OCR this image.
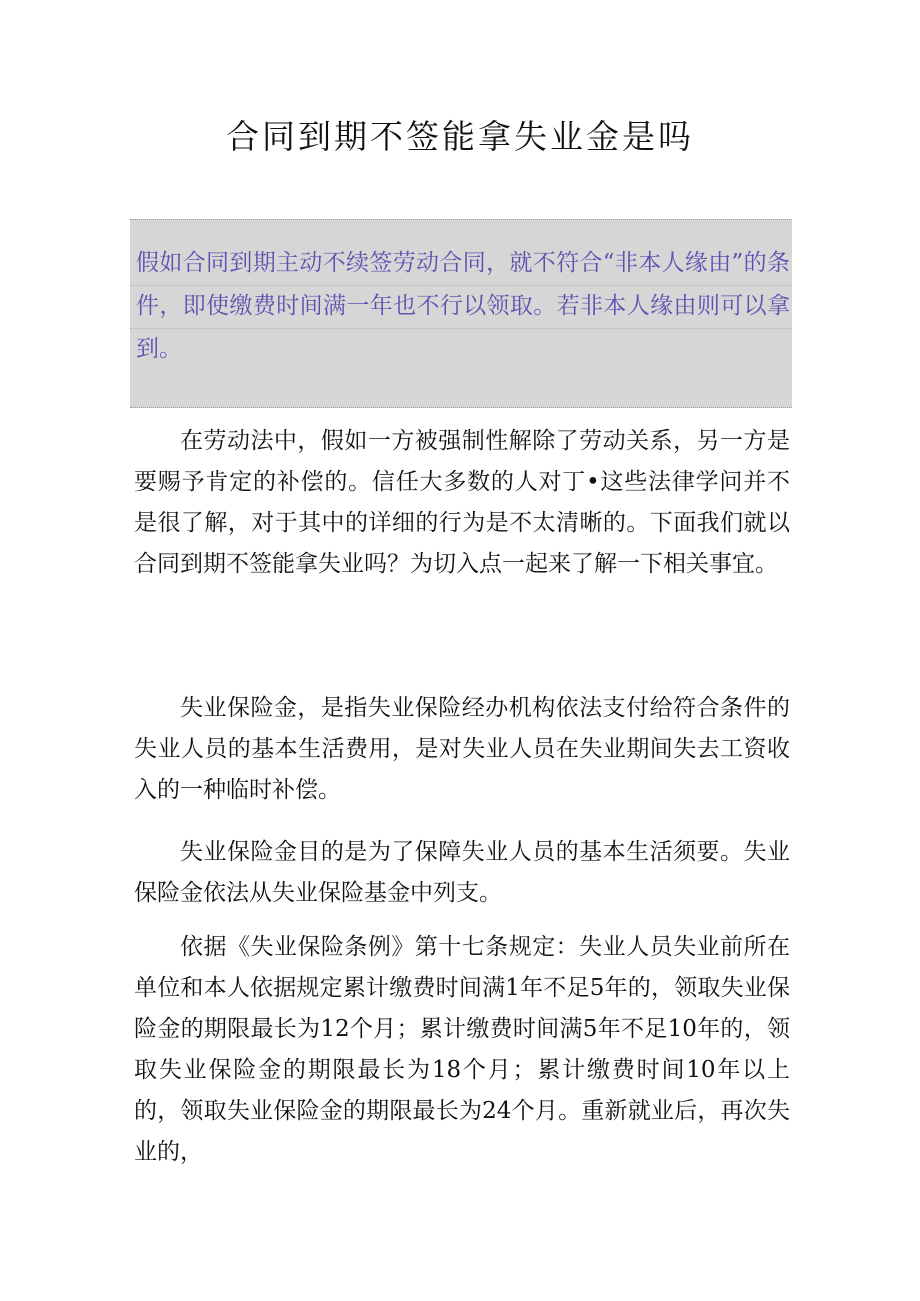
合同到期不签能拿失业金是吗

假如合同到期主动不续签劳动合同，就不符合“非本人缘由”的条件，即使缴费时间满一年也不行以领取。若非本人缘由则可以拿到。

在劳动法中，假如一方被强制性解除了劳动关系，另一方是要赐予肯定的补偿的。信任大多数的人对丁•这些法律学问并不是很了解，对于其中的详细的行为是不太清晰的。下面我们就以合同到期不签能拿失业吗？为切入点一起来了解一下相关事宜。

失业保险金，是指失业保险经办机构依法支付给符合条件的失业人员的基本生活费用，是对失业人员在失业期间失去工资收入的一种临时补偿。

失业保险金目的是为了保障失业人员的基本生活须要。失业保险金依法从失业保险基金中列支。

依据《失业保险条例》第十七条规定：失业人员失业前所在单位和本人依据规定累计缴费时间满1年不足5年的，领取失业保险金的期限最长为12个月；累计缴费时间满5年不足10年的，领取失业保险金的期限最长为18个月；累计缴费时间10年以上的，领取失业保险金的期限最长为24个月。重新就业后，再次失业的，
